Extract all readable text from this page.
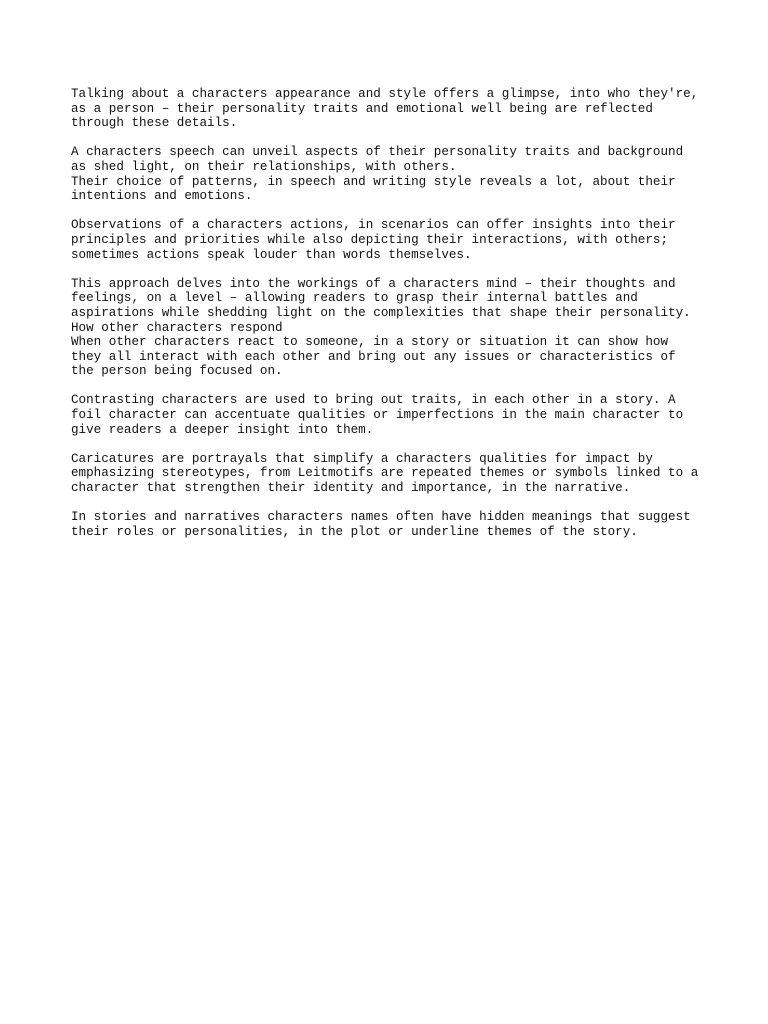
Talking about a characters appearance and style offers a glimpse, into who they're,
as a person – their personality traits and emotional well being are reflected
through these details.

A characters speech can unveil aspects of their personality traits and background
as shed light, on their relationships, with others.
Their choice of patterns, in speech and writing style reveals a lot, about their
intentions and emotions.

Observations of a characters actions, in scenarios can offer insights into their
principles and priorities while also depicting their interactions, with others;
sometimes actions speak louder than words themselves.

This approach delves into the workings of a characters mind – their thoughts and
feelings, on a level – allowing readers to grasp their internal battles and
aspirations while shedding light on the complexities that shape their personality.
How other characters respond
When other characters react to someone, in a story or situation it can show how
they all interact with each other and bring out any issues or characteristics of
the person being focused on.

Contrasting characters are used to bring out traits, in each other in a story. A
foil character can accentuate qualities or imperfections in the main character to
give readers a deeper insight into them.

Caricatures are portrayals that simplify a characters qualities for impact by
emphasizing stereotypes, from Leitmotifs are repeated themes or symbols linked to a
character that strengthen their identity and importance, in the narrative.

In stories and narratives characters names often have hidden meanings that suggest
their roles or personalities, in the plot or underline themes of the story.
